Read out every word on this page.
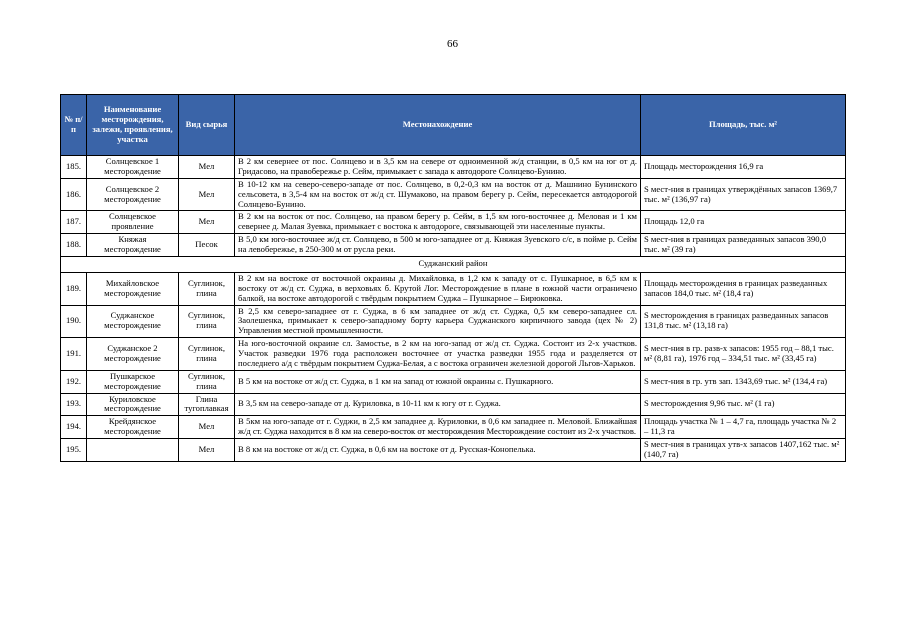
66
№ п/п	Наименование месторождения, залежи, проявления, участка	Вид сырья	Местонахождение	Площадь, тыс. м²
185.	Солнцевское 1 месторождение	Мел	В 2 км севернее от пос. Солнцево и в 3,5 км на севере от одноименной ж/д станции, в 0,5 км на юг от д. Гридасово, на правобережье р. Сейм, примыкает с запада к автодороге Солнцево-Бунино.	Площадь месторождения 16,9 га
186.	Солнцевское 2 месторождение	Мел	В 10-12 км на северо-северо-западе от пос. Солнцево, в 0,2-0,3 км на восток от д. Машнино Бунинского сельсовета, в 3,5-4 км на восток от ж/д ст. Шумаково, на правом берегу р. Сейм, пересекается автодорогой Солнцево-Бунино.	S мест-ния в границах утверждённых запасов 1369,7 тыс. м² (136,97 га)
187.	Солнцевское проявление	Мел	В 2 км на восток от пос. Солнцево, на правом берегу р. Сейм, в 1,5 км юго-восточнее д. Меловая и 1 км севернее д. Малая Зуевка, примыкает с востока к автодороге, связывающей эти населенные пункты.	Площадь 12,0 га
188.	Княжая месторождение	Песок	В 5,0 км юго-восточнее ж/д ст. Солнцево, в 500 м юго-западнее от д. Княжая Зуевского с/с, в пойме р. Сейм на левобережье, в 250-300 м от русла реки.	S мест-ния в границах разведанных запасов 390,0 тыс. м² (39 га)
Суджанский район				
189.	Михайловское месторождение	Суглинок, глина	В 2 км на востоке от восточной окраины д. Михайловка, в 1,2 км к западу от с. Пушкарное, в 6,5 км к востоку от ж/д ст. Суджа, в верховьях б. Крутой Лог. Месторождение в плане в южной части ограничено балкой, на востоке автодорогой с твёрдым покрытием Суджа – Пушкарное – Бирюковка.	Площадь месторождения в границах разведанных запасов 184,0 тыс. м² (18,4 га)
190.	Суджанское месторождение	Суглинок, глина	В 2,5 км северо-западнее от г. Суджа, в 6 км западнее от ж/д ст. Суджа, 0,5 км северо-западнее сл. Заолешенка, примыкает к северо-западному борту карьера Суджанского кирпичного завода (цех № 2) Управления местной промышленности.	S месторождения в границах разведанных запасов 131,8 тыс. м² (13,18 га)
191.	Суджанское 2 месторождение	Суглинок, глина	На юго-восточной окраине сл. Замостье, в 2 км на юго-запад от ж/д ст. Суджа. Состоит из 2-х участков. Участок разведки 1976 года расположен восточнее от участка разведки 1955 года и разделяется от последнего а/д с твёрдым покрытием Суджа-Белая, а с востока ограничен железной дорогой Льгов-Харьков.	S мест-ния в гр. разв-х запасов: 1955 год – 88,1 тыс. м² (8,81 га), 1976 год – 334,51 тыс. м² (33,45 га)
192.	Пушкарское месторождение	Суглинок, глина	В 5 км на востоке от ж/д ст. Суджа, в 1 км на запад от южной окраины с. Пушкарного.	S мест-ния в гр. утв зап. 1343,69 тыс. м² (134,4 га)
193.	Куриловское месторождение	Глина тугоплавкая	В 3,5 км на северо-западе от д. Куриловка, в 10-11 км к югу от г. Суджа.	S месторождения 9,96 тыс. м² (1 га)
194.	Крейдянское месторождение	Мел	В 5км на юго-западе от г. Суджи, в 2,5 км западнее д. Куриловки, в 0,6 км западнее п. Меловой. Ближайшая ж/д ст. Суджа находится в 8 км на северо-восток от месторождения Месторождение состоит из 2-х участков.	Площадь участка № 1 – 4,7 га, площадь участка № 2 – 11,3 га
195.		Мел	В 8 км на востоке от ж/д ст. Суджа, в 0,6 км на востоке от д. Русская-Конопелька.	S мест-ния в границах утв-х запасов 1407,162 тыс. м² (140,7 га)
